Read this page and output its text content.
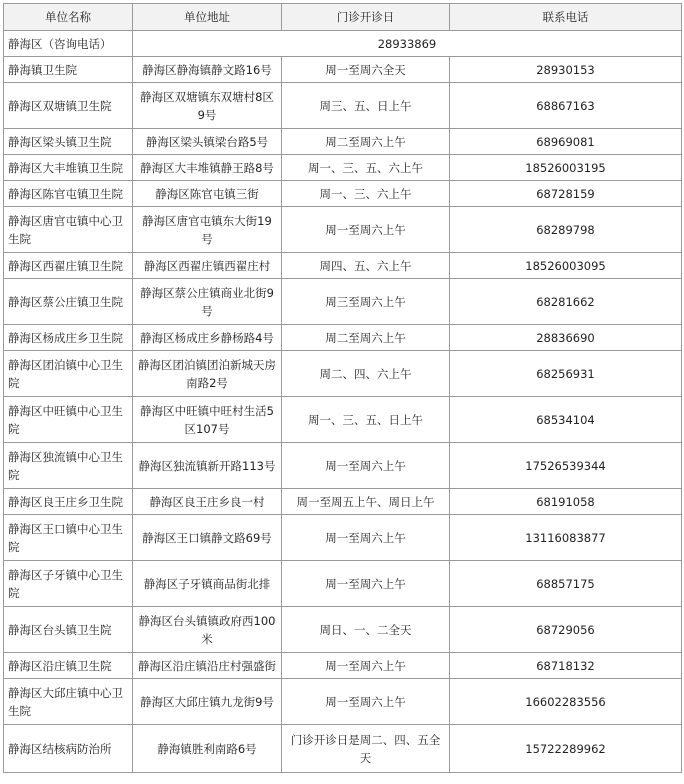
单位名称	单位地址	门诊开诊日	联系电话
静海区（咨询电话）	28933869		
静海镇卫生院	静海区静海镇静文路16号	周一至周六全天	28930153
静海区双塘镇卫生院	静海区双塘镇东双塘村8区9号	周三、五、日上午	68867163
静海区梁头镇卫生院	静海区梁头镇梁台路5号	周二至周六上午	68969081
静海区大丰堆镇卫生院	静海区大丰堆镇静王路8号	周一、三、五、六上午	18526003195
静海区陈官屯镇卫生院	静海区陈官屯镇三街	周一、三、六上午	68728159
静海区唐官屯镇中心卫生院	静海区唐官屯镇东大街19号	周一至周六上午	68289798
静海区西翟庄镇卫生院	静海区西翟庄镇西翟庄村	周四、五、六上午	18526003095
静海区蔡公庄镇卫生院	静海区蔡公庄镇商业北街9号	周三至周六上午	68281662
静海区杨成庄乡卫生院	静海区杨成庄乡静杨路4号	周二至周六上午	28836690
静海区团泊镇中心卫生院	静海区团泊镇团泊新城天房南路2号	周二、四、六上午	68256931
静海区中旺镇中心卫生院	静海区中旺镇中旺村生活5区107号	周一、三、五、日上午	68534104
静海区独流镇中心卫生院	静海区独流镇新开路113号	周一至周六上午	17526539344
静海区良王庄乡卫生院	静海区良王庄乡良一村	周一至周五上午、周日上午	68191058
静海区王口镇中心卫生院	静海区王口镇静文路69号	周一至周六上午	13116083877
静海区子牙镇中心卫生院	静海区子牙镇商品街北排	周一至周六上午	68857175
静海区台头镇卫生院	静海区台头镇镇政府西100米	周日、一、二全天	68729056
静海区沿庄镇卫生院	静海区沿庄镇沿庄村强盛街	周一至周六上午	68718132
静海区大邱庄镇中心卫生院	静海区大邱庄镇九龙街9号	周一至周六上午	16602283556
静海区结核病防治所	静海镇胜利南路6号	门诊开诊日是周二、四、五全天	15722289962
